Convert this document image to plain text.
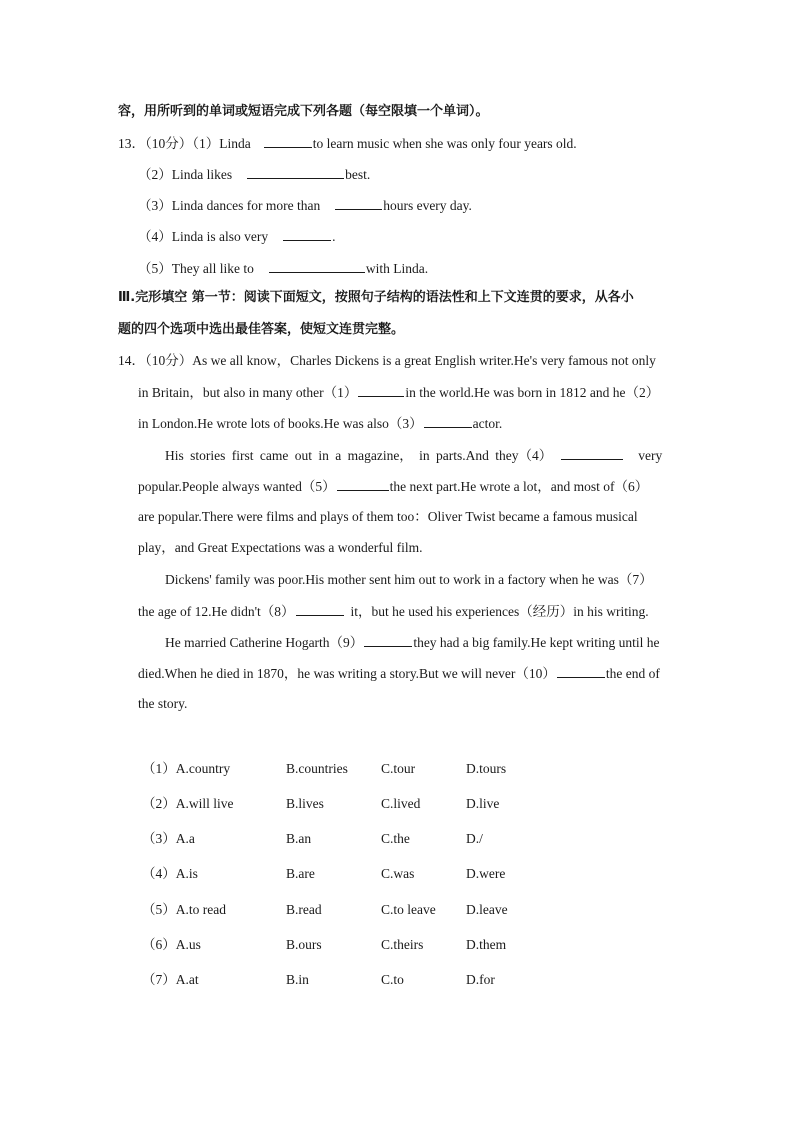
容，用所听到的单词或短语完成下列各题（每空限填一个单词）。
13．（10分）（1）Linda	to learn music when she was only four years old.
（2）Linda likes	best.
（3）Linda dances for more than	hours every day.
（4）Linda is also very	.
（5）They all like to	with Linda.
Ⅲ.完形填空 第一节：阅读下面短文，按照句子结构的语法性和上下文连贯的要求，从各小
题的四个选项中选出最佳答案，使短文连贯完整。
14．（10分）As we all know，Charles Dickens is a great English writer.He's very famous not only
in Britain，but also in many other（1）	in the world.He was born in 1812 and he（2）
in London.He wrote lots of books.He was also（3）	actor.
His stories first came out in a magazine， in parts.And they（4）	very
popular.People always wanted（5）	the next part.He wrote a lot，and most of（6）
are popular.There were films and plays of them too：Oliver Twist became a famous musical
play，and Great Expectations was a wonderful film.
Dickens' family was poor.His mother sent him out to work in a factory when he was（7）
the age of 12.He didn't（8）	it，but he used his experiences（经历）in his writing.
He married Catherine Hogarth（9）	they had a big family.He kept writing until he
died.When he died in 1870，he was writing a story.But we will never（10）	the end of
the story.
（1）A.country	B.countries C.tour	D.tours
（2）A.will live	B.lives	C.lived	D.live
（3）A.a	B.an	C.the	D./
（4）A.is	B.are	C.was	D.were
（5）A.to read	B.read	C.to leave D.leave
（6）A.us	B.ours	C.theirs	D.them
（7）A.at	B.in	C.to	D.for
